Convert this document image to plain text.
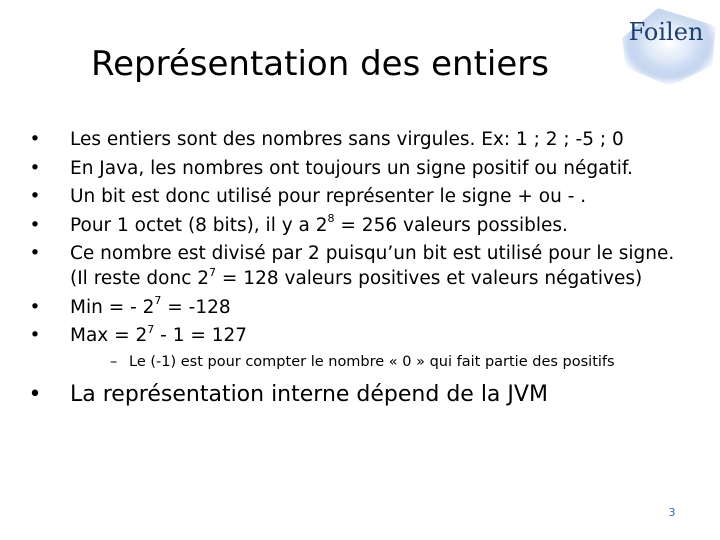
Représentation des entiers
Foilen
• Les entiers sont des nombres sans virgules. Ex: 1 ; 2 ; -5 ; 0
• En Java, les nombres ont toujours un signe positif ou négatif.
• Un bit est donc utilisé pour représenter le signe + ou - .
• Pour 1 octet (8 bits), il y a $2^8 = 256$ valeurs possibles.
• Ce nombre est divisé par 2 puisqu’un bit est utilisé pour le signe. (Il reste donc $2^7 = 128$ valeurs positives et valeurs négatives)
• Min = - $2^7 = -128$
• Max = $2^7 - 1 = 127$
– Le (-1) est pour compter le nombre « 0 » qui fait partie des positifs
• La représentation interne dépend de la JVM
3
